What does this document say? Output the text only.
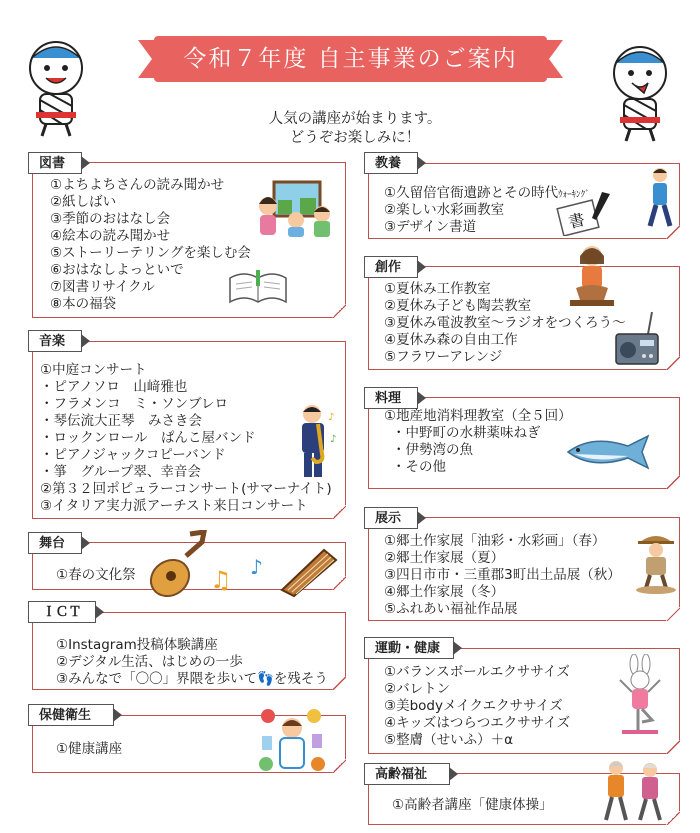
令和７年度 自主事業のご案内
人気の講座が始まります。
どうぞお楽しみに！
図書
①よちよちさんの読み聞かせ
②紙しばい
③季節のおはなし会
④絵本の読み聞かせ
⑤ストーリーテリングを楽しむ会
⑥おはなしよっといで
⑦図書リサイクル
⑧本の福袋
音楽
①中庭コンサート
・ピアノソロ　山﨑雅也
・フラメンコ　ミ・ソンブレロ
・琴伝流大正琴　みさき会
・ロックンロール　ぱんこ屋バンド
・ピアノジャックコピーバンド
・箏　グループ翠、幸音会
②第３２回ポピュラーコンサート(サマーナイト)
③イタリア実力派アーチスト来日コンサート
♪
♪
舞台
①春の文化祭	♫ ♪
ＩＣＴ
①Instagram投稿体験講座
②デジタル生活、はじめの一歩
③みんなで「〇〇」界隈を歩いて👣を残そう
保健衛生
①健康講座
教養
①久留倍官衙遺跡とその時代ｳｫｰｷﾝｸﾞ
②楽しい水彩画教室
③デザイン書道	書
創作
①夏休み工作教室
②夏休み子ども陶芸教室
③夏休み電波教室～ラジオをつくろう～
④夏休み森の自由工作
⑤フラワーアレンジ
料理
①地産地消料理教室（全５回）
・中野町の水耕薬味ねぎ
・伊勢湾の魚
・その他
展示
①郷土作家展「油彩・水彩画」（春）
②郷土作家展（夏）
③四日市市・三重郡3町出土品展（秋）
④郷土作家展（冬）
⑤ふれあい福祉作品展
運動・健康
①バランスボールエクササイズ
②バレトン
③美bodyメイクエクササイズ
④キッズはつらつエクササイズ
⑤整膚（せいふ）＋α
高齢福祉
①高齢者講座「健康体操」
